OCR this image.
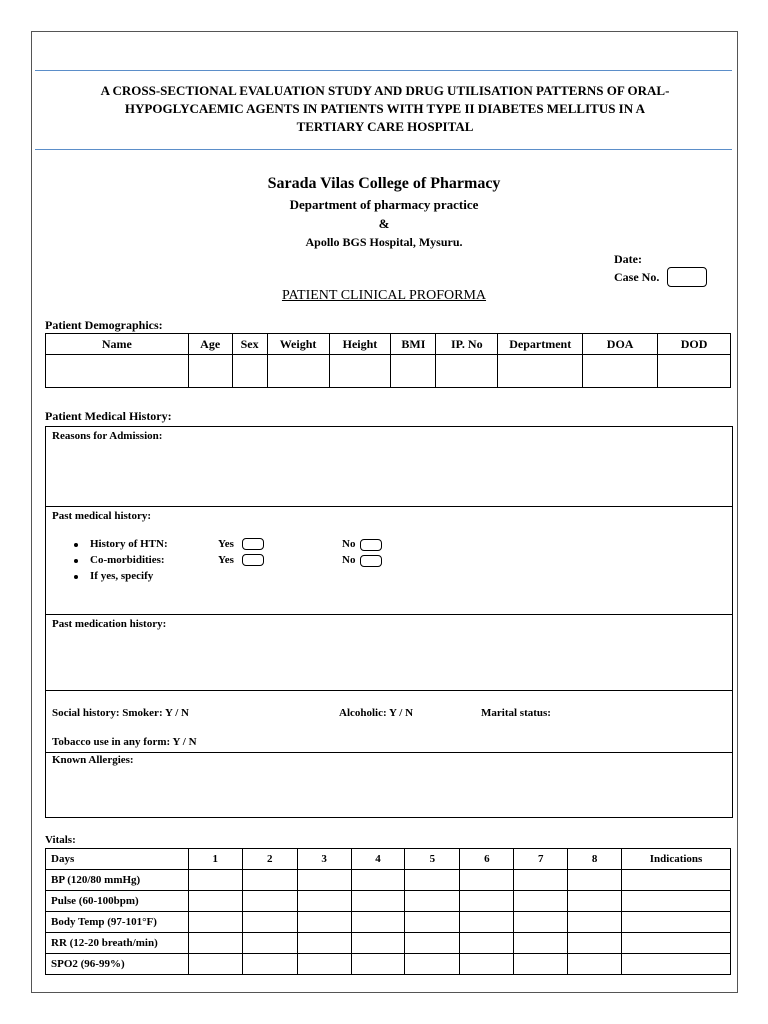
A CROSS-SECTIONAL EVALUATION STUDY AND DRUG UTILISATION PATTERNS OF ORAL-
HYPOGLYCAEMIC AGENTS IN PATIENTS WITH TYPE II DIABETES MELLITUS IN A
TERTIARY CARE HOSPITAL
Sarada Vilas College of Pharmacy
Department of pharmacy practice
&
Apollo BGS Hospital, Mysuru.
Date:
Case No.
PATIENT CLINICAL PROFORMA
Patient Demographics:
Name	Age	Sex	Weight	Height	BMI	IP. No	Department	DOA	DOD

Patient Medical History:
Reasons for Admission:
Past medical history:
History of HTN:
Co-morbidities:
If yes, specify
Yes	No
Yes	No
Past medication history:
Social history: Smoker: Y / N	Alcoholic: Y / N	Marital status:
Tobacco use in any form: Y / N
Known Allergies:
Vitals:
Days	1	2	3	4	5	6	7	8	Indications
BP (120/80 mmHg)									
Pulse (60-100bpm)									
Body Temp (97-101°F)									
RR (12-20 breath/min)									
SPO2 (96-99%)									
